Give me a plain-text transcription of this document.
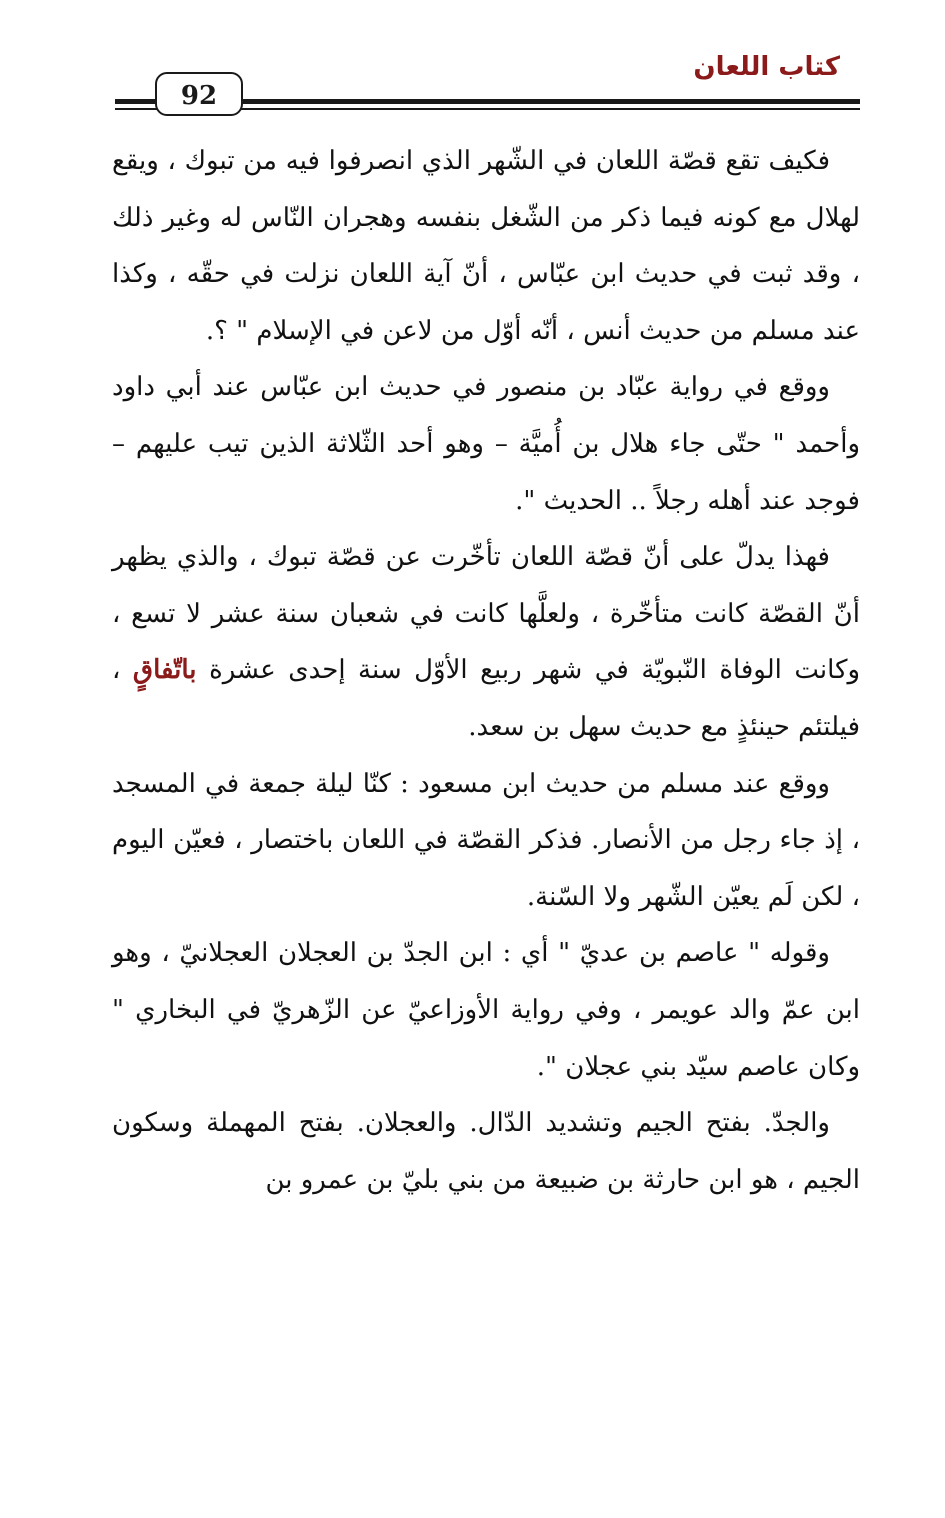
كتاب اللعان
92

فكيف تقع قصّة اللعان في الشّهر الذي انصرفوا فيه من تبوك ، ويقع لهلال مع كونه فيما ذكر من الشّغل بنفسه وهجران النّاس له وغير ذلك ، وقد ثبت في حديث ابن عبّاس ، أنّ آية اللعان نزلت في حقّه ، وكذا عند مسلم من حديث أنس ، أنّه أوّل من لاعن في الإسلام " ؟.

ووقع في رواية عبّاد بن منصور في حديث ابن عبّاس عند أبي داود وأحمد " حتّى جاء هلال بن أُميَّة – وهو أحد الثّلاثة الذين تيب عليهم – فوجد عند أهله رجلاً .. الحديث ".

فهذا يدلّ على أنّ قصّة اللعان تأخّرت عن قصّة تبوك ، والذي يظهر أنّ القصّة كانت متأخّرة ، ولعلَّها كانت في شعبان سنة عشر لا تسع ، وكانت الوفاة النّبويّة في شهر ربيع الأوّل سنة إحدى عشرة باتّفاقٍ ، فيلتئم حينئذٍ مع حديث سهل بن سعد.

ووقع عند مسلم من حديث ابن مسعود : كنّا ليلة جمعة في المسجد ، إذ جاء رجل من الأنصار. فذكر القصّة في اللعان باختصار ، فعيّن اليوم ، لكن لَم يعيّن الشّهر ولا السّنة.

وقوله " عاصم بن عديّ " أي : ابن الجدّ بن العجلان العجلانيّ ، وهو ابن عمّ والد عويمر ، وفي رواية الأوزاعيّ عن الزّهريّ في البخاري " وكان عاصم سيّد بني عجلان ".

والجدّ. بفتح الجيم وتشديد الدّال. والعجلان. بفتح المهملة وسكون الجيم ، هو ابن حارثة بن ضبيعة من بني بليّ بن عمرو بن
